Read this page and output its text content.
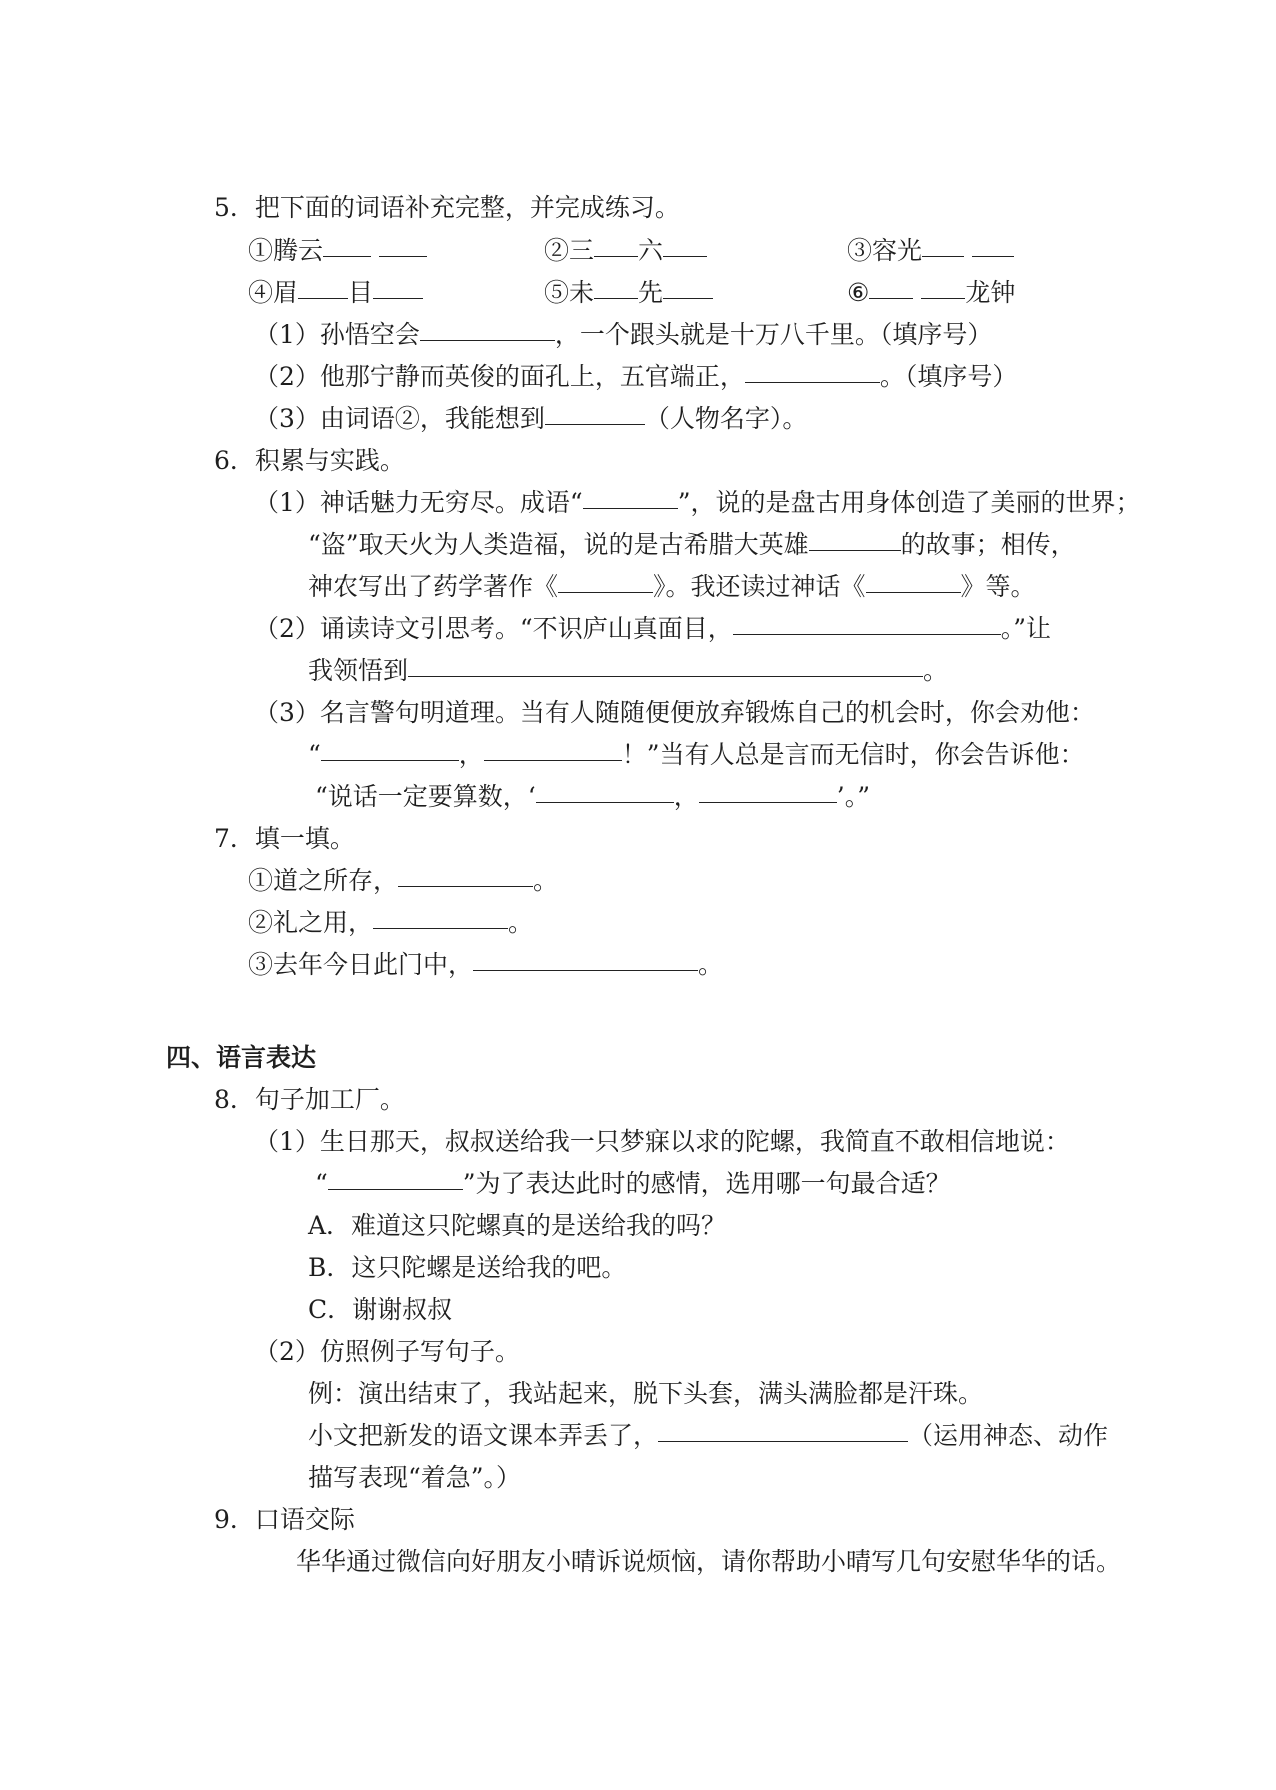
5．把下面的词语补充完整，并完成练习。
①腾云	②三 六	③容光
④眉 目	⑤未 先	⑥	龙钟
（1）孙悟空会	，一个跟头就是十万八千里。（填序号）
（2）他那宁静而英俊的面孔上，五官端正，	。（填序号）
（3）由词语②，我能想到	（人物名字）。
6．积累与实践。
（1）神话魅力无穷尽。成语“	”，说的是盘古用身体创造了美丽的世界；
“盗”取天火为人类造福，说的是古希腊大英雄	的故事；相传，
神农写出了药学著作《	》。我还读过神话《	》等。
（2）诵读诗文引思考。“不识庐山真面目，	。”让
我领悟到	。
（3）名言警句明道理。当有人随随便便放弃锻炼自己的机会时，你会劝他：
“	，	！”当有人总是言而无信时，你会告诉他：
“说话一定要算数，‘	，	’。”
7．填一填。
①道之所存，	。
②礼之用，	。
③去年今日此门中，	。
四、语言表达
8．句子加工厂。
（1）生日那天，叔叔送给我一只梦寐以求的陀螺，我简直不敢相信地说：
“	”为了表达此时的感情，选用哪一句最合适？
A．难道这只陀螺真的是送给我的吗？
B．这只陀螺是送给我的吧。
C．谢谢叔叔
（2）仿照例子写句子。
例：演出结束了，我站起来，脱下头套，满头满脸都是汗珠。
小文把新发的语文课本弄丢了，	（运用神态、动作
描写表现“着急”。）
9．口语交际
华华通过微信向好朋友小晴诉说烦恼，请你帮助小晴写几句安慰华华的话。
